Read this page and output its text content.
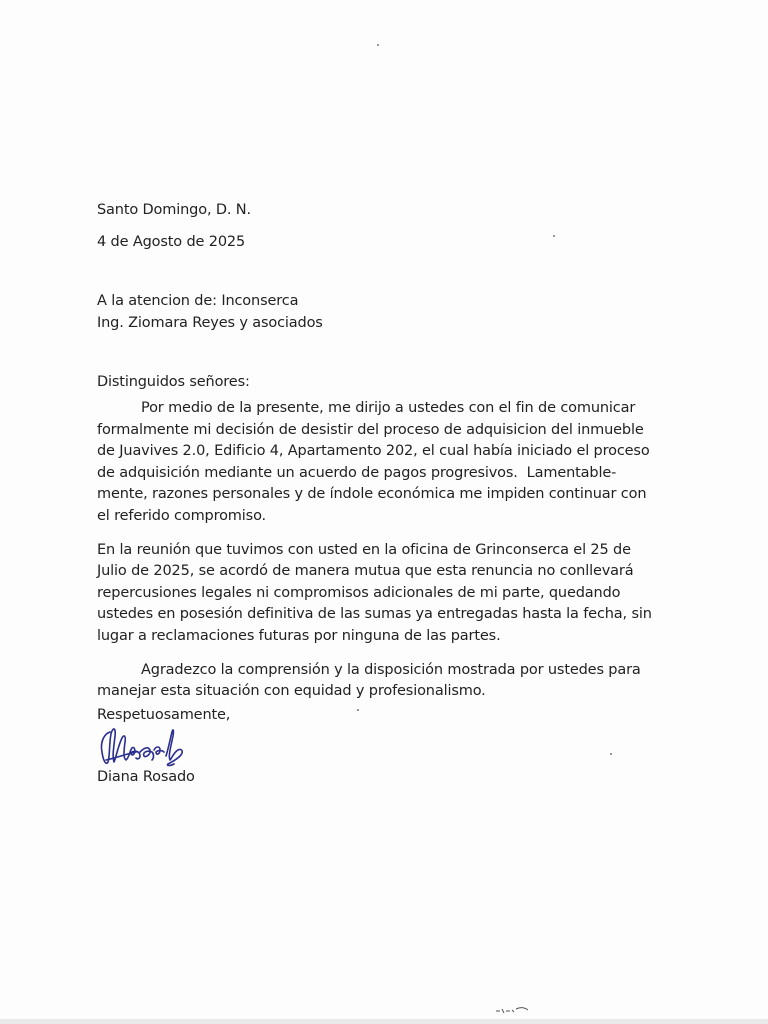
Santo Domingo, D. N.
4 de Agosto de 2025
A la atencion de: Inconserca
Ing. Ziomara Reyes y asociados
Distinguidos señores:
Por medio de la presente, me dirijo a ustedes con el fin de comunicar
formalmente mi decisión de desistir del proceso de adquisicion del inmueble
de Juavives 2.0, Edificio 4, Apartamento 202, el cual había iniciado el proceso
de adquisición mediante un acuerdo de pagos progresivos.  Lamentable-
mente, razones personales y de índole económica me impiden continuar con
el referido compromiso.
En la reunión que tuvimos con usted en la oficina de Grinconserca el 25 de
Julio de 2025, se acordó de manera mutua que esta renuncia no conllevará
repercusiones legales ni compromisos adicionales de mi parte, quedando
ustedes en posesión definitiva de las sumas ya entregadas hasta la fecha, sin
lugar a reclamaciones futuras por ninguna de las partes.
Agradezco la comprensión y la disposición mostrada por ustedes para
manejar esta situación con equidad y profesionalismo.
Respetuosamente,
Diana Rosado
